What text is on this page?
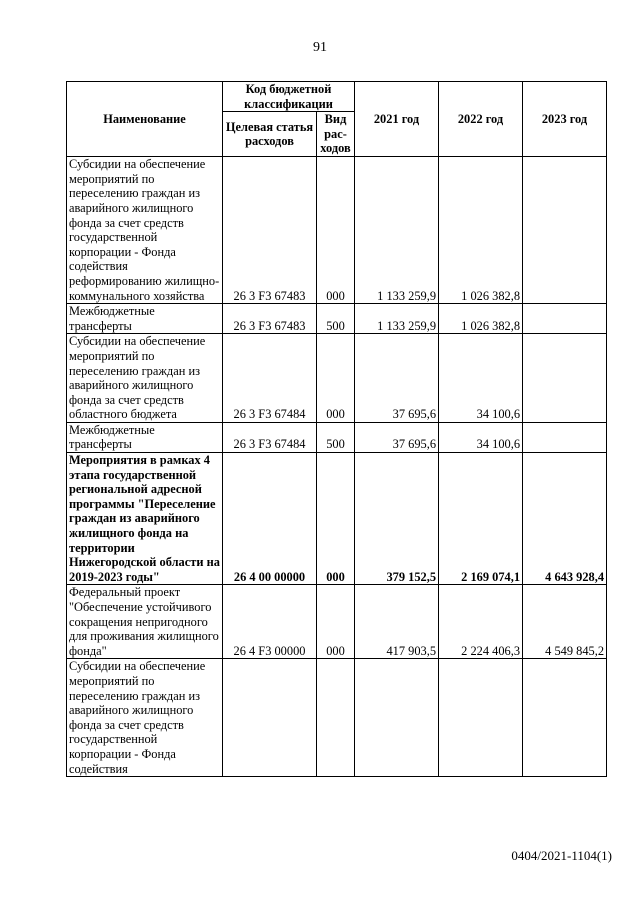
91
Наименование	Код бюджетной классификации		2021 год	2022 год	2023 год
	Целевая статья расходов	Вид рас-ходов			
Субсидии на обеспечение мероприятий по переселению граждан из аварийного жилищного фонда за счет средств государственной корпорации - Фонда содействия реформированию жилищно-коммунального хозяйства	26 3 F3 67483	000	1 133 259,9	1 026 382,8	
Межбюджетные трансферты	26 3 F3 67483	500	1 133 259,9	1 026 382,8	
Субсидии на обеспечение мероприятий по переселению граждан из аварийного жилищного фонда за счет средств областного бюджета	26 3 F3 67484	000	37 695,6	34 100,6	
Межбюджетные трансферты	26 3 F3 67484	500	37 695,6	34 100,6	
Мероприятия в рамках 4 этапа государственной региональной адресной программы "Переселение граждан из аварийного жилищного фонда на территории Нижегородской области на 2019-2023 годы"	26 4 00 00000	000	379 152,5	2 169 074,1	4 643 928,4
Федеральный проект "Обеспечение устойчивого сокращения непригодного для проживания жилищного фонда"	26 4 F3 00000	000	417 903,5	2 224 406,3	4 549 845,2
Субсидии на обеспечение мероприятий по переселению граждан из аварийного жилищного фонда за счет средств государственной корпорации - Фонда содействия					
0404/2021-1104(1)
